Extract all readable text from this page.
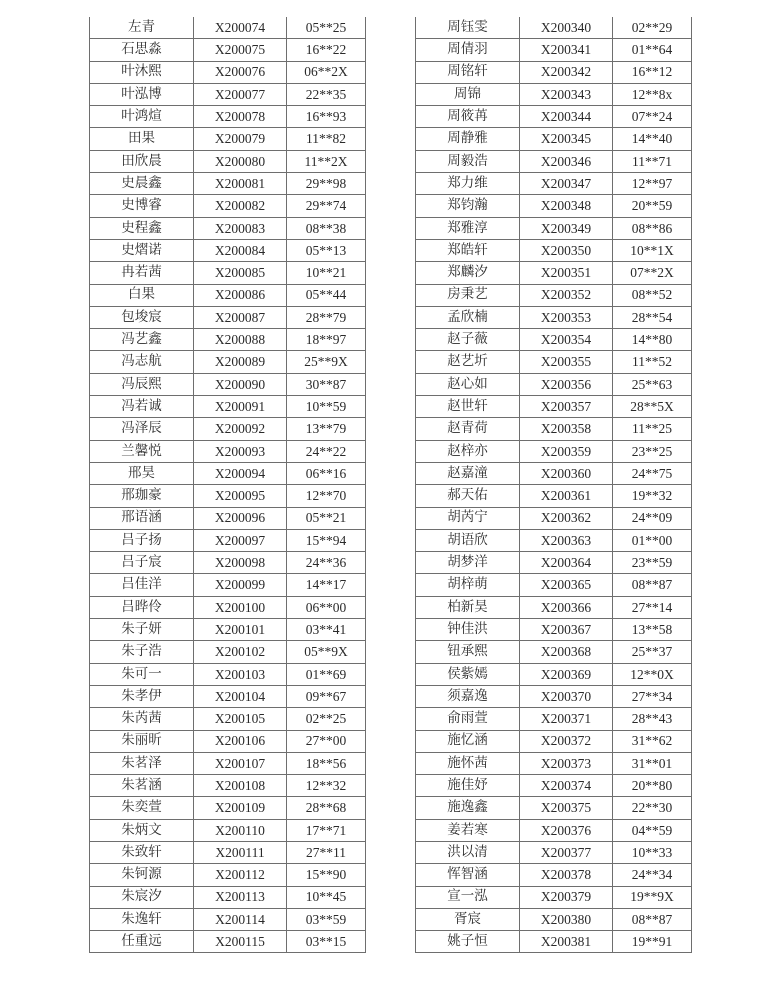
左青	X200074	05**25
石思淼	X200075	16**22
叶沐熙	X200076	06**2X
叶泓博	X200077	22**35
叶鸿煊	X200078	16**93
田果	X200079	11**82
田欣晨	X200080	11**2X
史晨鑫	X200081	29**98
史博睿	X200082	29**74
史程鑫	X200083	08**38
史熠诺	X200084	05**13
冉若茜	X200085	10**21
白果	X200086	05**44
包埈宸	X200087	28**79
冯艺鑫	X200088	18**97
冯志航	X200089	25**9X
冯辰熙	X200090	30**87
冯若诚	X200091	10**59
冯泽辰	X200092	13**79
兰馨悦	X200093	24**22
邢昊	X200094	06**16
邢珈豪	X200095	12**70
邢语涵	X200096	05**21
吕子扬	X200097	15**94
吕子宸	X200098	24**36
吕佳洋	X200099	14**17
吕晔伶	X200100	06**00
朱子妍	X200101	03**41
朱子浩	X200102	05**9X
朱可一	X200103	01**69
朱孝伊	X200104	09**67
朱芮茜	X200105	02**25
朱丽昕	X200106	27**00
朱茗泽	X200107	18**56
朱茗涵	X200108	12**32
朱奕萱	X200109	28**68
朱炳文	X200110	17**71
朱致轩	X200111	27**11
朱钶源	X200112	15**90
朱宸汐	X200113	10**45
朱逸轩	X200114	03**59
任重远	X200115	03**15
周钰雯	X200340	02**29
周倩羽	X200341	01**64
周铭轩	X200342	16**12
周锦	X200343	12**8x
周筱苒	X200344	07**24
周静雅	X200345	14**40
周毅浩	X200346	11**71
郑力维	X200347	12**97
郑钧瀚	X200348	20**59
郑雅淳	X200349	08**86
郑皓轩	X200350	10**1X
郑麟汐	X200351	07**2X
房秉艺	X200352	08**52
孟欣楠	X200353	28**54
赵子薇	X200354	14**80
赵艺圻	X200355	11**52
赵心如	X200356	25**63
赵世轩	X200357	28**5X
赵青荷	X200358	11**25
赵梓亦	X200359	23**25
赵嘉潼	X200360	24**75
郝天佑	X200361	19**32
胡芮宁	X200362	24**09
胡语欣	X200363	01**00
胡梦洋	X200364	23**59
胡梓萌	X200365	08**87
柏新昊	X200366	27**14
钟佳洪	X200367	13**58
钮承熙	X200368	25**37
侯紫嫣	X200369	12**0X
须嘉逸	X200370	27**34
俞雨萱	X200371	28**43
施忆涵	X200372	31**62
施怀茜	X200373	31**01
施佳妤	X200374	20**80
施逸鑫	X200375	22**30
姜若寒	X200376	04**59
洪以清	X200377	10**33
恽智涵	X200378	24**34
宣一泓	X200379	19**9X
胥宸	X200380	08**87
姚子恒	X200381	19**91
